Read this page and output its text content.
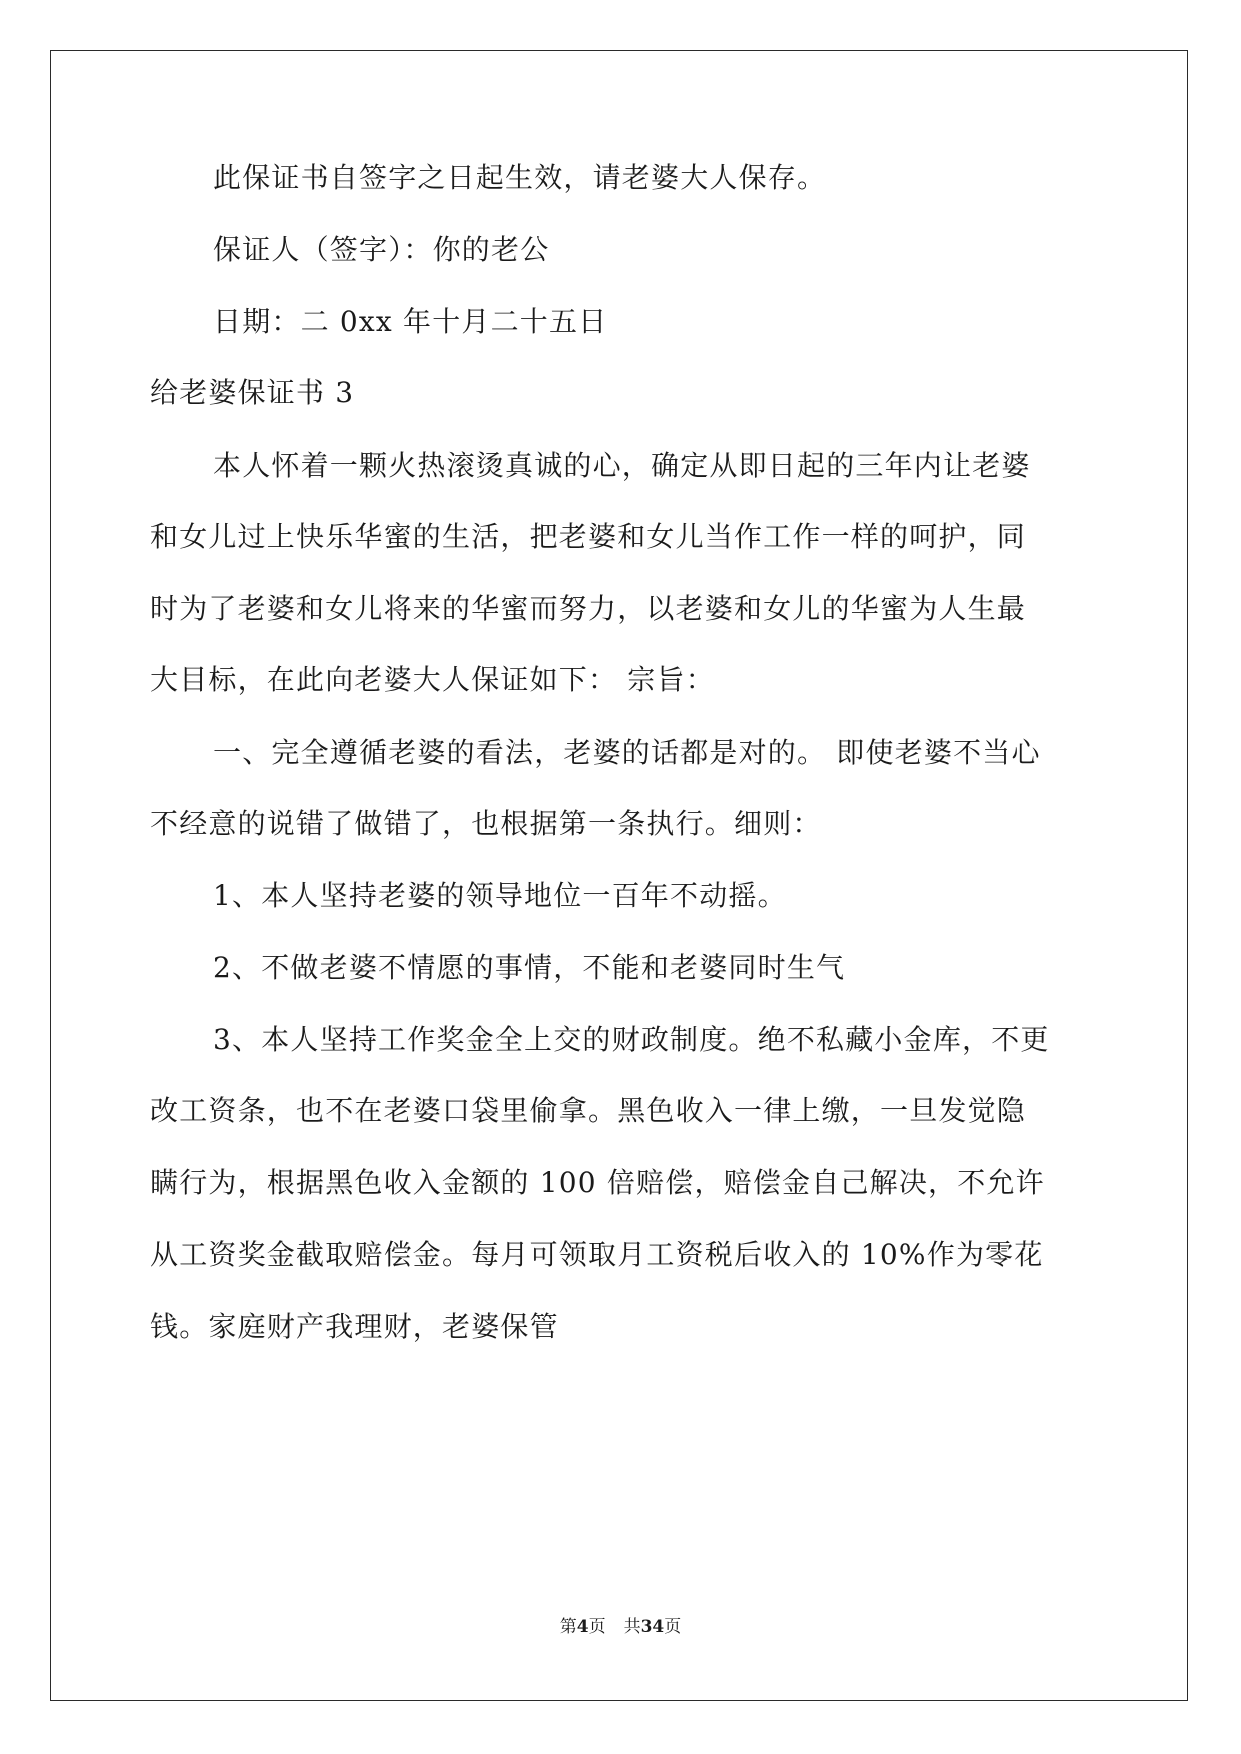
此保证书自签字之日起生效，请老婆大人保存。
保证人（签字）：你的老公
日期：二 0xx 年十月二十五日
给老婆保证书 3
本人怀着一颗火热滚烫真诚的心，确定从即日起的三年内让老婆
和女儿过上快乐华蜜的生活，把老婆和女儿当作工作一样的呵护，同
时为了老婆和女儿将来的华蜜而努力，以老婆和女儿的华蜜为人生最
大目标，在此向老婆大人保证如下： 宗旨：
一、完全遵循老婆的看法，老婆的话都是对的。 即使老婆不当心
不经意的说错了做错了，也根据第一条执行。细则：
1、本人坚持老婆的领导地位一百年不动摇。
2、不做老婆不情愿的事情，不能和老婆同时生气
3、本人坚持工作奖金全上交的财政制度。绝不私藏小金库，不更
改工资条，也不在老婆口袋里偷拿。黑色收入一律上缴，一旦发觉隐
瞒行为，根据黑色收入金额的 100 倍赔偿，赔偿金自己解决，不允许
从工资奖金截取赔偿金。每月可领取月工资税后收入的 10%作为零花
钱。家庭财产我理财，老婆保管
第4页 共34页
